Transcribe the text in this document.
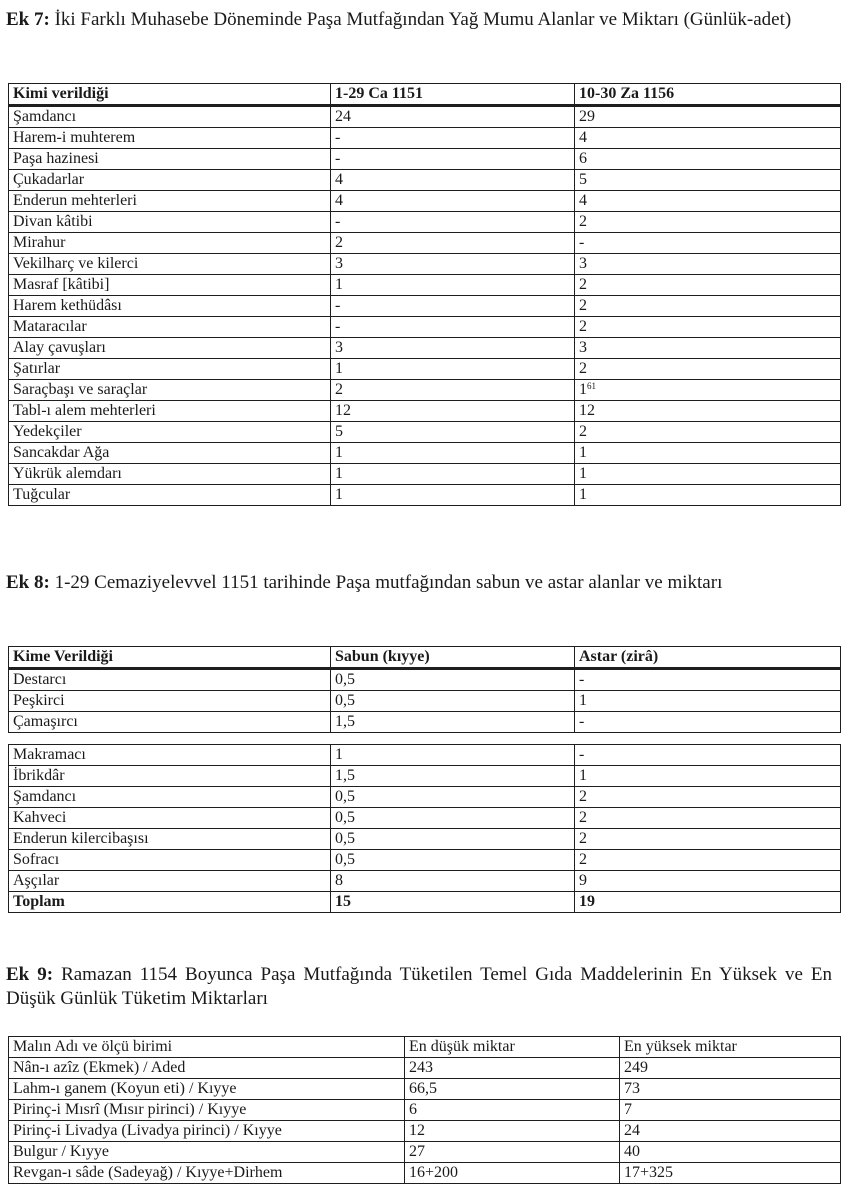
Ek 7: İki Farklı Muhasebe Döneminde Paşa Mutfağından Yağ Mumu Alanlar ve Miktarı (Günlük-adet)
Kimi verildiği	1-29 Ca 1151	10-30 Za 1156
Şamdancı	24	29
Harem-i muhterem	-	4
Paşa hazinesi	-	6
Çukadarlar	4	5
Enderun mehterleri	4	4
Divan kâtibi	-	2
Mirahur	2	-
Vekilharç ve kilerci	3	3
Masraf [kâtibi]	1	2
Harem kethüdâsı	-	2
Mataracılar	-	2
Alay çavuşları	3	3
Şatırlar	1	2
Saraçbaşı ve saraçlar	2	$1^{61}$
Tabl-ı alem mehterleri	12	12
Yedekçiler	5	2
Sancakdar Ağa	1	1
Yükrük alemdarı	1	1
Tuğcular	1	1
Ek 8: 1-29 Cemaziyelevvel 1151 tarihinde Paşa mutfağından sabun ve astar alanlar ve miktarı
Kime Verildiği	Sabun (kıyye)	Astar (zirâ)
Destarcı	0,5	-
Peşkirci	0,5	1
Çamaşırcı	1,5	-
Makramacı	1	-
İbrikdâr	1,5	1
Şamdancı	0,5	2
Kahveci	0,5	2
Enderun kilercibaşısı	0,5	2
Sofracı	0,5	2
Aşçılar	8	9
Toplam	15	19
Ek 9: Ramazan 1154 Boyunca Paşa Mutfağında Tüketilen Temel Gıda Maddelerinin En Yüksek ve En Düşük Günlük Tüketim Miktarları
Malın Adı ve ölçü birimi	En düşük miktar	En yüksek miktar
Nân-ı azîz (Ekmek) / Aded	243	249
Lahm-ı ganem (Koyun eti) / Kıyye	66,5	73
Pirinç-i Mısrî (Mısır pirinci) / Kıyye	6	7
Pirinç-i Livadya (Livadya pirinci) / Kıyye	12	24
Bulgur / Kıyye	27	40
Revgan-ı sâde (Sadeyağ) / Kıyye+Dirhem	16+200	17+325
